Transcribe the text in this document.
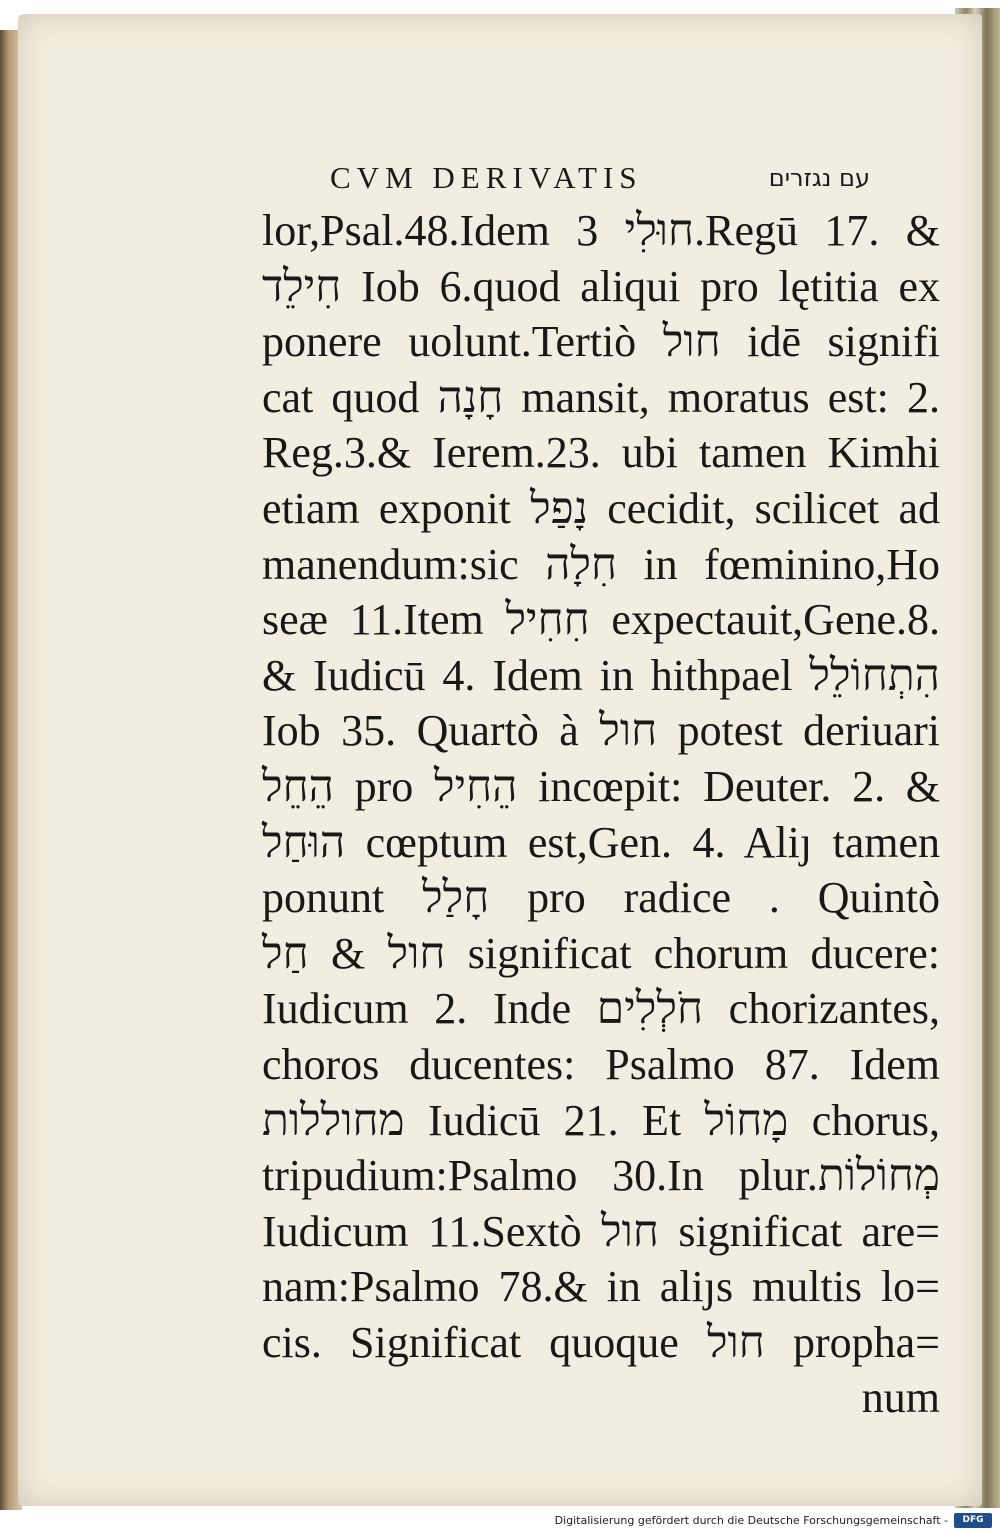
CVM DERIVATIS	עם נגזרים
lor,Psal.48.Idem חוּלִי 3.Regū 17. &
חִילֵד Iob 6.quod aliqui pro lętitia ex
ponere uolunt.Tertiò חול idē signifi
cat quod חָנָה mansit, moratus est: 2.
Reg.3.& Ierem.23. ubi tamen Kimhi
etiam exponit נָפַל cecidit, scilicet ad
manendum:sic חִלָה in fœminino,Ho
seæ 11.Item חִחִיל expectauit,Gene.8.
& Iudicū 4. Idem in hithpael הִתְחוֹלֵל
Iob 35. Quartò à חול potest deriuari
הֵחֵל pro הֵחִיל incœpit: Deuter. 2. &
הוּחַל cœptum est,Gen. 4. Aliȷ tamen
ponunt חָלַל pro radice . Quintò
חול & חַל significat chorum ducere:
Iudicum 2. Inde חֹלְלִים chorizantes,
choros ducentes: Psalmo 87. Idem
מחוללות Iudicū 21. Et מָחוֹל chorus,
tripudium:Psalmo 30.In plur.מְחוֹלוֹת
Iudicum 11.Sextò חול significat are=
nam:Psalmo 78.& in aliȷs multis lo=
cis. Significat quoque חול propha=
num
Digitalisierung gefördert durch die Deutsche Forschungsgemeinschaft -	DFG
